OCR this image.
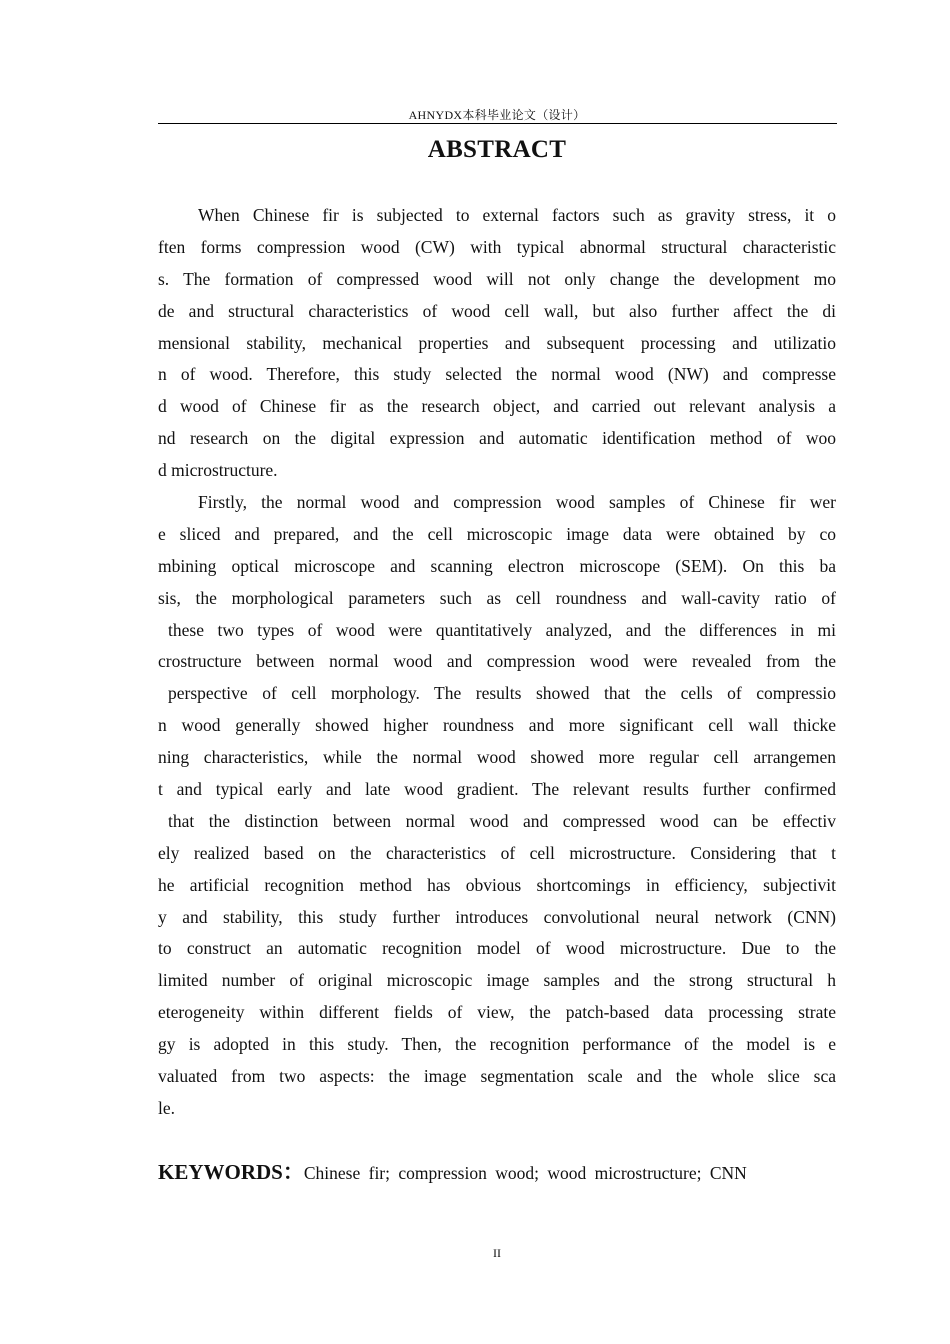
AHNYDX本科毕业论文（设计）
ABSTRACT
When Chinese fir is subjected to external factors such as gravity stress, it o
ften forms compression wood (CW) with typical abnormal structural characteristic
s. The formation of compressed wood will not only change the development mo
de and structural characteristics of wood cell wall, but also further affect the di
mensional stability, mechanical properties and subsequent processing and utilizatio
n of wood. Therefore, this study selected the normal wood (NW) and compresse
d wood of Chinese fir as the research object, and carried out relevant analysis a
nd research on the digital expression and automatic identification method of woo
d microstructure.
Firstly, the normal wood and compression wood samples of Chinese fir wer
e sliced and prepared, and the cell microscopic image data were obtained by co
mbining optical microscope and scanning electron microscope (SEM). On this ba
sis, the morphological parameters such as cell roundness and wall-cavity ratio of
these two types of wood were quantitatively analyzed, and the differences in mi
crostructure between normal wood and compression wood were revealed from the
perspective of cell morphology. The results showed that the cells of compressio
n wood generally showed higher roundness and more significant cell wall thicke
ning characteristics, while the normal wood showed more regular cell arrangemen
t and typical early and late wood gradient. The relevant results further confirmed
that the distinction between normal wood and compressed wood can be effectiv
ely realized based on the characteristics of cell microstructure. Considering that t
he artificial recognition method has obvious shortcomings in efficiency, subjectivit
y and stability, this study further introduces convolutional neural network (CNN)
to construct an automatic recognition model of wood microstructure. Due to the
limited number of original microscopic image samples and the strong structural h
eterogeneity within different fields of view, the patch-based data processing strate
gy is adopted in this study. Then, the recognition performance of the model is e
valuated from two aspects: the image segmentation scale and the whole slice sca
le.
KEYWORDS：Chinese fir; compression wood; wood microstructure; CNN
II
